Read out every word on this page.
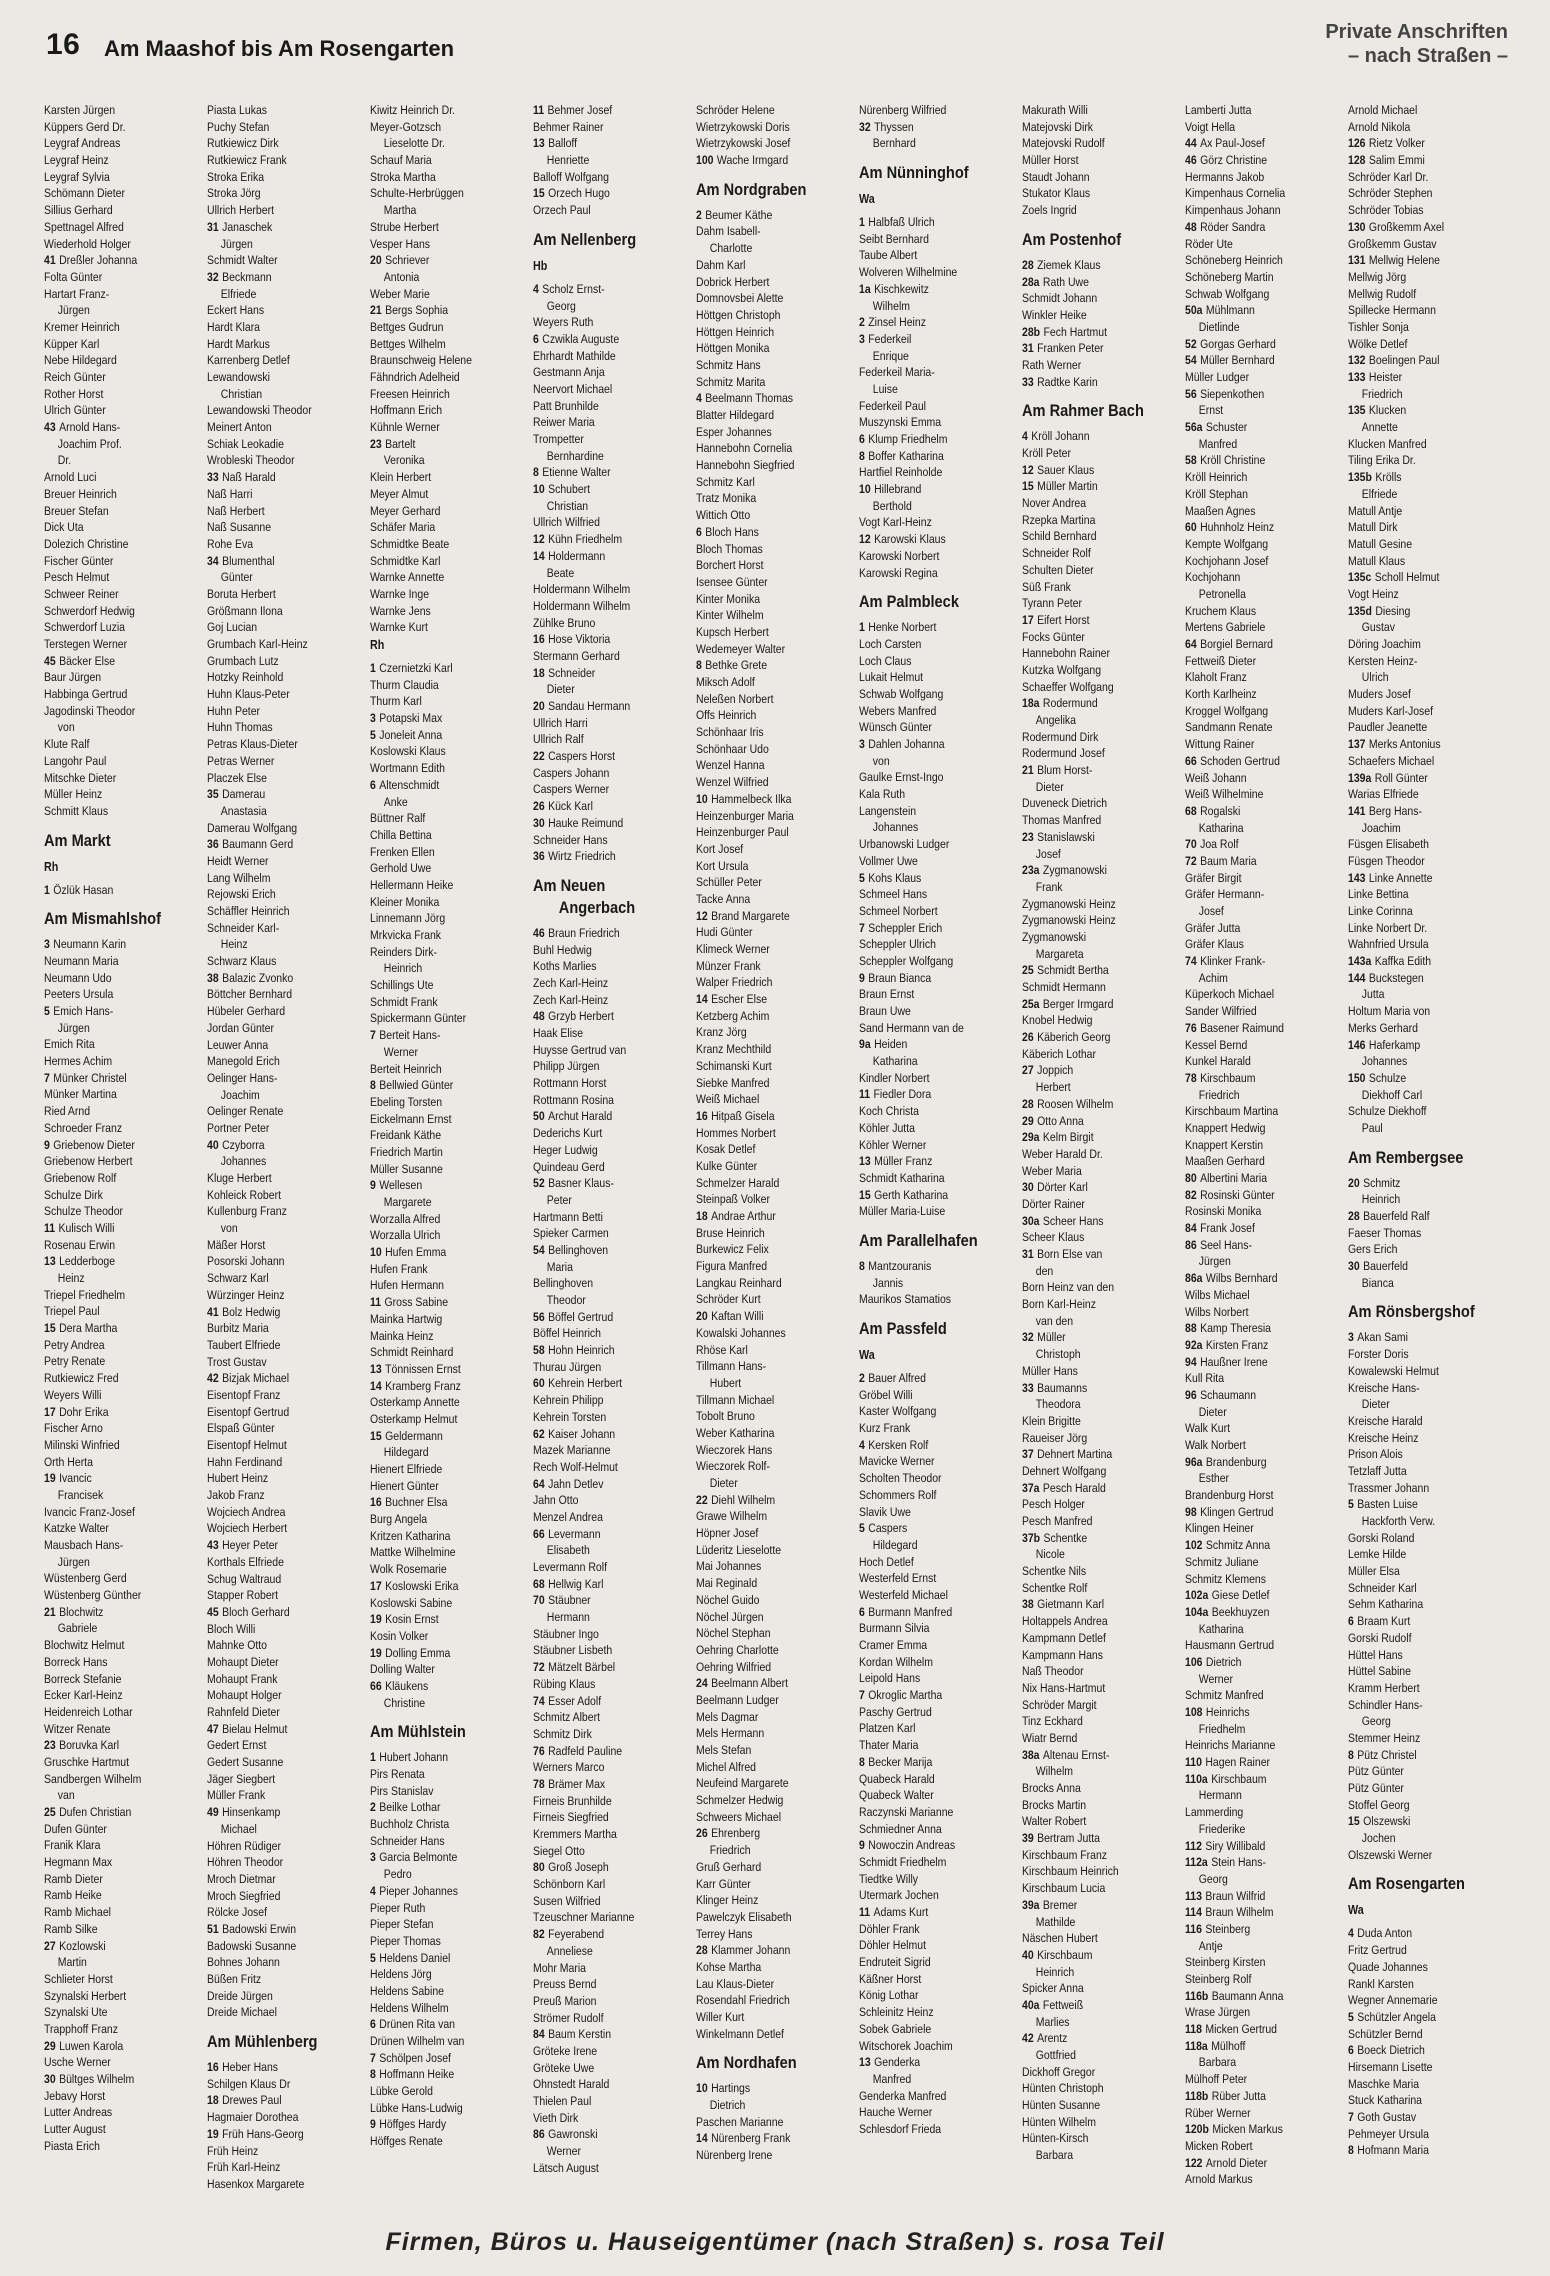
16 Am Maashof bis Am Rosengarten
Private Anschriften
– nach Straßen –
Karsten Jürgen
Küppers Gerd Dr.
Leygraf Andreas
Leygraf Heinz
Leygraf Sylvia
Schömann Dieter
Sillius Gerhard
Spettnagel Alfred
Wiederhold Holger
41 Dreßler Johanna
Folta Günter
Hartart Franz-
Jürgen
Kremer Heinrich
Küpper Karl
Nebe Hildegard
Reich Günter
Rother Horst
Ulrich Günter
43 Arnold Hans-
Joachim Prof.
Dr.
Arnold Luci
Breuer Heinrich
Breuer Stefan
Dick Uta
Dolezich Christine
Fischer Günter
Pesch Helmut
Schweer Reiner
Schwerdorf Hedwig
Schwerdorf Luzia
Terstegen Werner
45 Bäcker Else
Baur Jürgen
Habbinga Gertrud
Jagodinski Theodor
von
Klute Ralf
Langohr Paul
Mitschke Dieter
Müller Heinz
Schmitt Klaus
Am Markt
Rh
1 Özlük Hasan
Am Mismahlshof
3 Neumann Karin
Neumann Maria
Neumann Udo
Peeters Ursula
5 Emich Hans-
Jürgen
Emich Rita
Hermes Achim
7 Münker Christel
Münker Martina
Ried Arnd
Schroeder Franz
9 Griebenow Dieter
Griebenow Herbert
Griebenow Rolf
Schulze Dirk
Schulze Theodor
11 Kulisch Willi
Rosenau Erwin
13 Ledderboge
Heinz
Triepel Friedhelm
Triepel Paul
15 Dera Martha
Petry Andrea
Petry Renate
Rutkiewicz Fred
Weyers Willi
17 Dohr Erika
Fischer Arno
Milinski Winfried
Orth Herta
19 Ivancic
Francisek
Ivancic Franz-Josef
Katzke Walter
Mausbach Hans-
Jürgen
Wüstenberg Gerd
Wüstenberg Günther
21 Blochwitz
Gabriele
Blochwitz Helmut
Borreck Hans
Borreck Stefanie
Ecker Karl-Heinz
Heidenreich Lothar
Witzer Renate
23 Boruvka Karl
Gruschke Hartmut
Sandbergen Wilhelm
van
25 Dufen Christian
Dufen Günter
Franik Klara
Hegmann Max
Ramb Dieter
Ramb Heike
Ramb Michael
Ramb Silke
27 Kozlowski
Martin
Schlieter Horst
Szynalski Herbert
Szynalski Ute
Trapphoff Franz
29 Luwen Karola
Usche Werner
30 Bültges Wilhelm
Jebavy Horst
Lutter Andreas
Lutter August
Piasta Erich
Piasta Lukas
Puchy Stefan
Rutkiewicz Dirk
Rutkiewicz Frank
Stroka Erika
Stroka Jörg
Ullrich Herbert
31 Janaschek
Jürgen
Schmidt Walter
32 Beckmann
Elfriede
Eckert Hans
Hardt Klara
Hardt Markus
Karrenberg Detlef
Lewandowski
Christian
Lewandowski Theodor
Meinert Anton
Schiak Leokadie
Wrobleski Theodor
33 Naß Harald
Naß Harri
Naß Herbert
Naß Susanne
Rohe Eva
34 Blumenthal
Günter
Boruta Herbert
Größmann Ilona
Goj Lucian
Grumbach Karl-Heinz
Grumbach Lutz
Hotzky Reinhold
Huhn Klaus-Peter
Huhn Peter
Huhn Thomas
Petras Klaus-Dieter
Petras Werner
Placzek Else
35 Damerau
Anastasia
Damerau Wolfgang
36 Baumann Gerd
Heidt Werner
Lang Wilhelm
Rejowski Erich
Schäffler Heinrich
Schneider Karl-
Heinz
Schwarz Klaus
38 Balazic Zvonko
Böttcher Bernhard
Hübeler Gerhard
Jordan Günter
Leuwer Anna
Manegold Erich
Oelinger Hans-
Joachim
Oelinger Renate
Portner Peter
40 Czyborra
Johannes
Kluge Herbert
Kohleick Robert
Kullenburg Franz
von
Mäßer Horst
Posorski Johann
Schwarz Karl
Würzinger Heinz
41 Bolz Hedwig
Burbitz Maria
Taubert Elfriede
Trost Gustav
42 Bizjak Michael
Eisentopf Franz
Eisentopf Gertrud
Elspaß Günter
Eisentopf Helmut
Hahn Ferdinand
Hubert Heinz
Jakob Franz
Wojciech Andrea
Wojciech Herbert
43 Heyer Peter
Korthals Elfriede
Schug Waltraud
Stapper Robert
45 Bloch Gerhard
Bloch Willi
Mahnke Otto
Mohaupt Dieter
Mohaupt Frank
Mohaupt Holger
Rahnfeld Dieter
47 Bielau Helmut
Gedert Ernst
Gedert Susanne
Jäger Siegbert
Müller Frank
49 Hinsenkamp
Michael
Höhren Rüdiger
Höhren Theodor
Mroch Dietmar
Mroch Siegfried
Rölcke Josef
51 Badowski Erwin
Badowski Susanne
Bohnes Johann
Büßen Fritz
Dreide Jürgen
Dreide Michael
Am Mühlenberg
16 Heber Hans
Schilgen Klaus Dr
18 Drewes Paul
Hagmaier Dorothea
19 Früh Hans-Georg
Früh Heinz
Früh Karl-Heinz
Hasenkox Margarete
Kiwitz Heinrich Dr.
Meyer-Gotzsch
Lieselotte Dr.
Schauf Maria
Stroka Martha
Schulte-Herbrüggen
Martha
Strube Herbert
Vesper Hans
20 Schriever
Antonia
Weber Marie
21 Bergs Sophia
Bettges Gudrun
Bettges Wilhelm
Braunschweig Helene
Fähndrich Adelheid
Freesen Heinrich
Hoffmann Erich
Kühnle Werner
23 Bartelt
Veronika
Klein Herbert
Meyer Almut
Meyer Gerhard
Schäfer Maria
Schmidtke Beate
Schmidtke Karl
Warnke Annette
Warnke Inge
Warnke Jens
Warnke Kurt
Rh
1 Czernietzki Karl
Thurm Claudia
Thurm Karl
3 Potapski Max
5 Joneleit Anna
Koslowski Klaus
Wortmann Edith
6 Altenschmidt
Anke
Büttner Ralf
Chilla Bettina
Frenken Ellen
Gerhold Uwe
Hellermann Heike
Kleiner Monika
Linnemann Jörg
Mrkvicka Frank
Reinders Dirk-
Heinrich
Schillings Ute
Schmidt Frank
Spickermann Günter
7 Berteit Hans-
Werner
Berteit Heinrich
8 Bellwied Günter
Ebeling Torsten
Eickelmann Ernst
Freidank Käthe
Friedrich Martin
Müller Susanne
9 Wellesen
Margarete
Worzalla Alfred
Worzalla Ulrich
10 Hufen Emma
Hufen Frank
Hufen Hermann
11 Gross Sabine
Mainka Hartwig
Mainka Heinz
Schmidt Reinhard
13 Tönnissen Ernst
14 Kramberg Franz
Osterkamp Annette
Osterkamp Helmut
15 Geldermann
Hildegard
Hienert Elfriede
Hienert Günter
16 Buchner Elsa
Burg Angela
Kritzen Katharina
Mattke Wilhelmine
Wolk Rosemarie
17 Koslowski Erika
Koslowski Sabine
19 Kosin Ernst
Kosin Volker
19 Dolling Emma
Dolling Walter
66 Kläukens
Christine
Am Mühlstein
1 Hubert Johann
Pirs Renata
Pirs Stanislav
2 Beilke Lothar
Buchholz Christa
Schneider Hans
3 Garcia Belmonte
Pedro
4 Pieper Johannes
Pieper Ruth
Pieper Stefan
Pieper Thomas
5 Heldens Daniel
Heldens Jörg
Heldens Sabine
Heldens Wilhelm
6 Drünen Rita van
Drünen Wilhelm van
7 Schölpen Josef
8 Hoffmann Heike
Lübke Gerold
Lübke Hans-Ludwig
9 Höffges Hardy
Höffges Renate
11 Behmer Josef
Behmer Rainer
13 Balloff
Henriette
Balloff Wolfgang
15 Orzech Hugo
Orzech Paul
Am Nellenberg
Hb
4 Scholz Ernst-
Georg
Weyers Ruth
6 Czwikla Auguste
Ehrhardt Mathilde
Gestmann Anja
Neervort Michael
Patt Brunhilde
Reiwer Maria
Trompetter
Bernhardine
8 Etienne Walter
10 Schubert
Christian
Ullrich Wilfried
12 Kühn Friedhelm
14 Holdermann
Beate
Holdermann Wilhelm
Holdermann Wilhelm
Zühlke Bruno
16 Hose Viktoria
Stermann Gerhard
18 Schneider
Dieter
20 Sandau Hermann
Ullrich Harri
Ullrich Ralf
22 Caspers Horst
Caspers Johann
Caspers Werner
26 Kück Karl
30 Hauke Reimund
Schneider Hans
36 Wirtz Friedrich
Am Neuen
Angerbach
46 Braun Friedrich
Buhl Hedwig
Koths Marlies
Zech Karl-Heinz
Zech Karl-Heinz
48 Grzyb Herbert
Haak Elise
Huysse Gertrud van
Philipp Jürgen
Rottmann Horst
Rottmann Rosina
50 Archut Harald
Dederichs Kurt
Heger Ludwig
Quindeau Gerd
52 Basner Klaus-
Peter
Hartmann Betti
Spieker Carmen
54 Bellinghoven
Maria
Bellinghoven
Theodor
56 Böffel Gertrud
Böffel Heinrich
58 Hohn Heinrich
Thurau Jürgen
60 Kehrein Herbert
Kehrein Philipp
Kehrein Torsten
62 Kaiser Johann
Mazek Marianne
Rech Wolf-Helmut
64 Jahn Detlev
Jahn Otto
Menzel Andrea
66 Levermann
Elisabeth
Levermann Rolf
68 Hellwig Karl
70 Stäubner
Hermann
Stäubner Ingo
Stäubner Lisbeth
72 Mätzelt Bärbel
Rübing Klaus
74 Esser Adolf
Schmitz Albert
Schmitz Dirk
76 Radfeld Pauline
Werners Marco
78 Brämer Max
Firneis Brunhilde
Firneis Siegfried
Kremmers Martha
Siegel Otto
80 Groß Joseph
Schönborn Karl
Susen Wilfried
Tzeuschner Marianne
82 Feyerabend
Anneliese
Mohr Maria
Preuss Bernd
Preuß Marion
Strömer Rudolf
84 Baum Kerstin
Gröteke Irene
Gröteke Uwe
Ohnstedt Harald
Thielen Paul
Vieth Dirk
86 Gawronski
Werner
Lätsch August
Schröder Helene
Wietrzykowski Doris
Wietrzykowski Josef
100 Wache Irmgard
Am Nordgraben
2 Beumer Käthe
Dahm Isabell-
Charlotte
Dahm Karl
Dobrick Herbert
Domnovsbei Alette
Höttgen Christoph
Höttgen Heinrich
Höttgen Monika
Schmitz Hans
Schmitz Marita
4 Beelmann Thomas
Blatter Hildegard
Esper Johannes
Hannebohn Cornelia
Hannebohn Siegfried
Schmitz Karl
Tratz Monika
Wittich Otto
6 Bloch Hans
Bloch Thomas
Borchert Horst
Isensee Günter
Kinter Monika
Kinter Wilhelm
Kupsch Herbert
Wedemeyer Walter
8 Bethke Grete
Miksch Adolf
Neleßen Norbert
Offs Heinrich
Schönhaar Iris
Schönhaar Udo
Wenzel Hanna
Wenzel Wilfried
10 Hammelbeck Ilka
Heinzenburger Maria
Heinzenburger Paul
Kort Josef
Kort Ursula
Schüller Peter
Tacke Anna
12 Brand Margarete
Hudi Günter
Klimeck Werner
Münzer Frank
Walper Friedrich
14 Escher Else
Ketzberg Achim
Kranz Jörg
Kranz Mechthild
Schimanski Kurt
Siebke Manfred
Weiß Michael
16 Hitpaß Gisela
Hommes Norbert
Kosak Detlef
Kulke Günter
Schmelzer Harald
Steinpaß Volker
18 Andrae Arthur
Bruse Heinrich
Burkewicz Felix
Figura Manfred
Langkau Reinhard
Schröder Kurt
20 Kaftan Willi
Kowalski Johannes
Rhöse Karl
Tillmann Hans-
Hubert
Tillmann Michael
Tobolt Bruno
Weber Katharina
Wieczorek Hans
Wieczorek Rolf-
Dieter
22 Diehl Wilhelm
Grawe Wilhelm
Höpner Josef
Lüderitz Lieselotte
Mai Johannes
Mai Reginald
Nöchel Guido
Nöchel Jürgen
Nöchel Stephan
Oehring Charlotte
Oehring Wilfried
24 Beelmann Albert
Beelmann Ludger
Mels Dagmar
Mels Hermann
Mels Stefan
Michel Alfred
Neufeind Margarete
Schmelzer Hedwig
Schweers Michael
26 Ehrenberg
Friedrich
Gruß Gerhard
Karr Günter
Klinger Heinz
Pawelczyk Elisabeth
Terrey Hans
28 Klammer Johann
Kohse Martha
Lau Klaus-Dieter
Rosendahl Friedrich
Willer Kurt
Winkelmann Detlef
Am Nordhafen
10 Hartings
Dietrich
Paschen Marianne
14 Nürenberg Frank
Nürenberg Irene
Nürenberg Wilfried
32 Thyssen
Bernhard
Am Nünninghof
Wa
1 Halbfaß Ulrich
Seibt Bernhard
Taube Albert
Wolveren Wilhelmine
1a Kischkewitz
Wilhelm
2 Zinsel Heinz
3 Federkeil
Enrique
Federkeil Maria-
Luise
Federkeil Paul
Muszynski Emma
6 Klump Friedhelm
8 Boffer Katharina
Hartfiel Reinholde
10 Hillebrand
Berthold
Vogt Karl-Heinz
12 Karowski Klaus
Karowski Norbert
Karowski Regina
Am Palmbleck
1 Henke Norbert
Loch Carsten
Loch Claus
Lukait Helmut
Schwab Wolfgang
Webers Manfred
Wünsch Günter
3 Dahlen Johanna
von
Gaulke Ernst-Ingo
Kala Ruth
Langenstein
Johannes
Urbanowski Ludger
Vollmer Uwe
5 Kohs Klaus
Schmeel Hans
Schmeel Norbert
7 Scheppler Erich
Scheppler Ulrich
Scheppler Wolfgang
9 Braun Bianca
Braun Ernst
Braun Uwe
Sand Hermann van de
9a Heiden
Katharina
Kindler Norbert
11 Fiedler Dora
Koch Christa
Köhler Jutta
Köhler Werner
13 Müller Franz
Schmidt Katharina
15 Gerth Katharina
Müller Maria-Luise
Am Parallelhafen
8 Mantzouranis
Jannis
Maurikos Stamatios
Am Passfeld
Wa
2 Bauer Alfred
Gröbel Willi
Kaster Wolfgang
Kurz Frank
4 Kersken Rolf
Mavicke Werner
Scholten Theodor
Schommers Rolf
Slavik Uwe
5 Caspers
Hildegard
Hoch Detlef
Westerfeld Ernst
Westerfeld Michael
6 Burmann Manfred
Burmann Silvia
Cramer Emma
Kordan Wilhelm
Leipold Hans
7 Okroglic Martha
Paschy Gertrud
Platzen Karl
Thater Maria
8 Becker Marija
Quabeck Harald
Quabeck Walter
Raczynski Marianne
Schmiedner Anna
9 Nowoczin Andreas
Schmidt Friedhelm
Tiedtke Willy
Utermark Jochen
11 Adams Kurt
Döhler Frank
Döhler Helmut
Endruteit Sigrid
Käßner Horst
König Lothar
Schleinitz Heinz
Sobek Gabriele
Witschorek Joachim
13 Genderka
Manfred
Genderka Manfred
Hauche Werner
Schlesdorf Frieda
Makurath Willi
Matejovski Dirk
Matejovski Rudolf
Müller Horst
Staudt Johann
Stukator Klaus
Zoels Ingrid
Am Postenhof
28 Ziemek Klaus
28a Rath Uwe
Schmidt Johann
Winkler Heike
28b Fech Hartmut
31 Franken Peter
Rath Werner
33 Radtke Karin
Am Rahmer Bach
4 Kröll Johann
Kröll Peter
12 Sauer Klaus
15 Müller Martin
Nover Andrea
Rzepka Martina
Schild Bernhard
Schneider Rolf
Schulten Dieter
Süß Frank
Tyrann Peter
17 Eifert Horst
Focks Günter
Hannebohn Rainer
Kutzka Wolfgang
Schaeffer Wolfgang
18a Rodermund
Angelika
Rodermund Dirk
Rodermund Josef
21 Blum Horst-
Dieter
Duveneck Dietrich
Thomas Manfred
23 Stanislawski
Josef
23a Zygmanowski
Frank
Zygmanowski Heinz
Zygmanowski Heinz
Zygmanowski
Margareta
25 Schmidt Bertha
Schmidt Hermann
25a Berger Irmgard
Knobel Hedwig
26 Käberich Georg
Käberich Lothar
27 Joppich
Herbert
28 Roosen Wilhelm
29 Otto Anna
29a Kelm Birgit
Weber Harald Dr.
Weber Maria
30 Dörter Karl
Dörter Rainer
30a Scheer Hans
Scheer Klaus
31 Born Else van
den
Born Heinz van den
Born Karl-Heinz
van den
32 Müller
Christoph
Müller Hans
33 Baumanns
Theodora
Klein Brigitte
Raueiser Jörg
37 Dehnert Martina
Dehnert Wolfgang
37a Pesch Harald
Pesch Holger
Pesch Manfred
37b Schentke
Nicole
Schentke Nils
Schentke Rolf
38 Gietmann Karl
Holtappels Andrea
Kampmann Detlef
Kampmann Hans
Naß Theodor
Nix Hans-Hartmut
Schröder Margit
Tinz Eckhard
Wiatr Bernd
38a Altenau Ernst-
Wilhelm
Brocks Anna
Brocks Martin
Walter Robert
39 Bertram Jutta
Kirschbaum Franz
Kirschbaum Heinrich
Kirschbaum Lucia
39a Bremer
Mathilde
Näschen Hubert
40 Kirschbaum
Heinrich
Spicker Anna
40a Fettweiß
Marlies
42 Arentz
Gottfried
Dickhoff Gregor
Hünten Christoph
Hünten Susanne
Hünten Wilhelm
Hünten-Kirsch
Barbara
Lamberti Jutta
Voigt Hella
44 Ax Paul-Josef
46 Görz Christine
Hermanns Jakob
Kimpenhaus Cornelia
Kimpenhaus Johann
48 Röder Sandra
Röder Ute
Schöneberg Heinrich
Schöneberg Martin
Schwab Wolfgang
50a Mühlmann
Dietlinde
52 Gorgas Gerhard
54 Müller Bernhard
Müller Ludger
56 Siepenkothen
Ernst
56a Schuster
Manfred
58 Kröll Christine
Kröll Heinrich
Kröll Stephan
Maaßen Agnes
60 Huhnholz Heinz
Kempte Wolfgang
Kochjohann Josef
Kochjohann
Petronella
Kruchem Klaus
Mertens Gabriele
64 Borgiel Bernard
Fettweiß Dieter
Klaholt Franz
Korth Karlheinz
Kroggel Wolfgang
Sandmann Renate
Wittung Rainer
66 Schoden Gertrud
Weiß Johann
Weiß Wilhelmine
68 Rogalski
Katharina
70 Joa Rolf
72 Baum Maria
Gräfer Birgit
Gräfer Hermann-
Josef
Gräfer Jutta
Gräfer Klaus
74 Klinker Frank-
Achim
Küperkoch Michael
Sander Wilfried
76 Basener Raimund
Kessel Bernd
Kunkel Harald
78 Kirschbaum
Friedrich
Kirschbaum Martina
Knappert Hedwig
Knappert Kerstin
Maaßen Gerhard
80 Albertini Maria
82 Rosinski Günter
Rosinski Monika
84 Frank Josef
86 Seel Hans-
Jürgen
86a Wilbs Bernhard
Wilbs Michael
Wilbs Norbert
88 Kamp Theresia
92a Kirsten Franz
94 Haußner Irene
Kull Rita
96 Schaumann
Dieter
Walk Kurt
Walk Norbert
96a Brandenburg
Esther
Brandenburg Horst
98 Klingen Gertrud
Klingen Heiner
102 Schmitz Anna
Schmitz Juliane
Schmitz Klemens
102a Giese Detlef
104a Beekhuyzen
Katharina
Hausmann Gertrud
106 Dietrich
Werner
Schmitz Manfred
108 Heinrichs
Friedhelm
Heinrichs Marianne
110 Hagen Rainer
110a Kirschbaum
Hermann
Lammerding
Friederike
112 Siry Willibald
112a Stein Hans-
Georg
113 Braun Wilfrid
114 Braun Wilhelm
116 Steinberg
Antje
Steinberg Kirsten
Steinberg Rolf
116b Baumann Anna
Wrase Jürgen
118 Micken Gertrud
118a Mülhoff
Barbara
Mülhoff Peter
118b Rüber Jutta
Rüber Werner
120b Micken Markus
Micken Robert
122 Arnold Dieter
Arnold Markus
Arnold Michael
Arnold Nikola
126 Rietz Volker
128 Salim Emmi
Schröder Karl Dr.
Schröder Stephen
Schröder Tobias
130 Großkemm Axel
Großkemm Gustav
131 Mellwig Helene
Mellwig Jörg
Mellwig Rudolf
Spillecke Hermann
Tishler Sonja
Wölke Detlef
132 Boelingen Paul
133 Heister
Friedrich
135 Klucken
Annette
Klucken Manfred
Tiling Erika Dr.
135b Krölls
Elfriede
Matull Antje
Matull Dirk
Matull Gesine
Matull Klaus
135c Scholl Helmut
Vogt Heinz
135d Diesing
Gustav
Döring Joachim
Kersten Heinz-
Ulrich
Muders Josef
Muders Karl-Josef
Paudler Jeanette
137 Merks Antonius
Schaefers Michael
139a Roll Günter
Warias Elfriede
141 Berg Hans-
Joachim
Füsgen Elisabeth
Füsgen Theodor
143 Linke Annette
Linke Bettina
Linke Corinna
Linke Norbert Dr.
Wahnfried Ursula
143a Kaffka Edith
144 Buckstegen
Jutta
Holtum Maria von
Merks Gerhard
146 Haferkamp
Johannes
150 Schulze
Diekhoff Carl
Schulze Diekhoff
Paul
Am Rembergsee
20 Schmitz
Heinrich
28 Bauerfeld Ralf
Faeser Thomas
Gers Erich
30 Bauerfeld
Bianca
Am Rönsbergshof
3 Akan Sami
Forster Doris
Kowalewski Helmut
Kreische Hans-
Dieter
Kreische Harald
Kreische Heinz
Prison Alois
Tetzlaff Jutta
Trassmer Johann
5 Basten Luise
Hackforth Verw.
Gorski Roland
Lemke Hilde
Müller Elsa
Schneider Karl
Sehm Katharina
6 Braam Kurt
Gorski Rudolf
Hüttel Hans
Hüttel Sabine
Kramm Herbert
Schindler Hans-
Georg
Stemmer Heinz
8 Pütz Christel
Pütz Günter
Pütz Günter
Stoffel Georg
15 Olszewski
Jochen
Olszewski Werner
Am Rosengarten
Wa
4 Duda Anton
Fritz Gertrud
Quade Johannes
Rankl Karsten
Wegner Annemarie
5 Schützler Angela
Schützler Bernd
6 Boeck Dietrich
Hirsemann Lisette
Maschke Maria
Stuck Katharina
7 Goth Gustav
Pehmeyer Ursula
8 Hofmann Maria
Firmen, Büros u. Hauseigentümer (nach Straßen) s. rosa Teil
